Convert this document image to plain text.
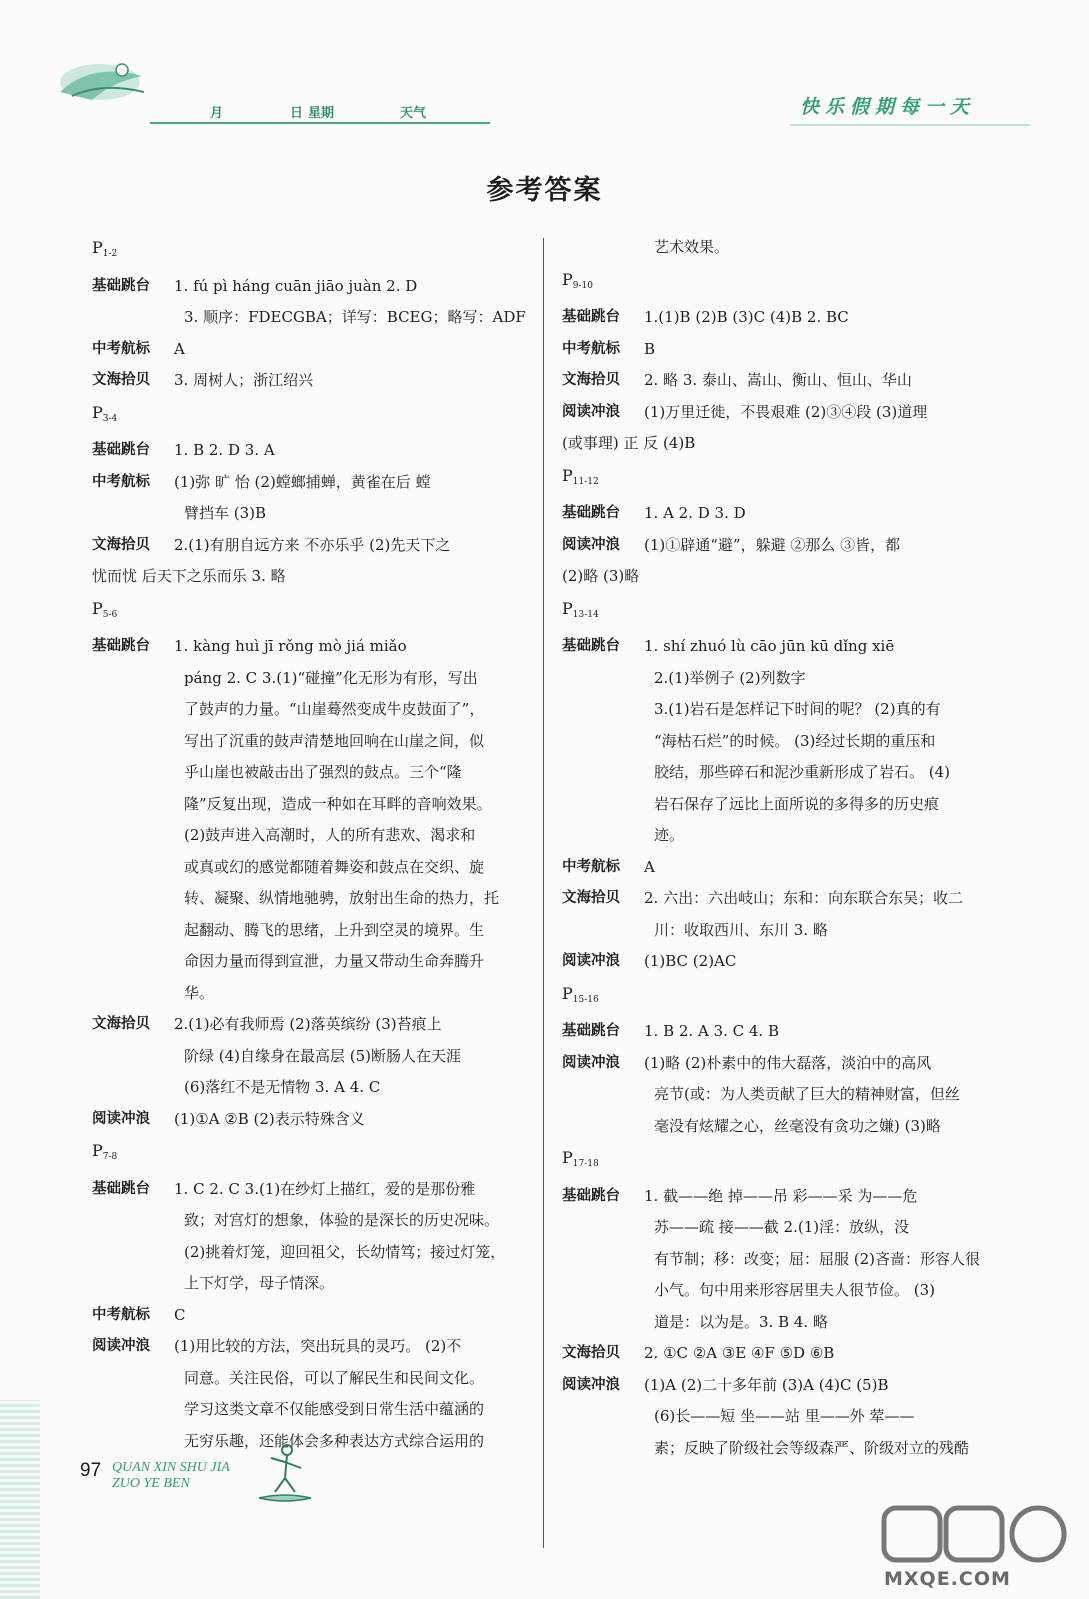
月	日 星期	天气	快乐假期每一天
参考答案
$P_{1-2}$
基础跳台	1. fú pì háng cuān jiāo juàn 2. D
3. 顺序：FDECGBA；详写：BCEG；略写：ADF
中考航标	A
文海拾贝	3. 周树人；浙江绍兴
$P_{3-4}$
基础跳台	1. B 2. D 3. A
中考航标	(1)弥 旷 怡 (2)螳螂捕蝉，黄雀在后 螳
臂挡车 (3)B
文海拾贝	2.(1)有朋自远方来 不亦乐乎 (2)先天下之
忧而忧 后天下之乐而乐 3. 略
$P_{5-6}$
基础跳台	1. kàng huì jī rǒng mò jiá miǎo
páng 2. C 3.(1)“碰撞”化无形为有形，写出
了鼓声的力量。“山崖蓦然变成牛皮鼓面了”，
写出了沉重的鼓声清楚地回响在山崖之间，似
乎山崖也被敲击出了强烈的鼓点。三个“隆
隆”反复出现，造成一种如在耳畔的音响效果。
(2)鼓声进入高潮时，人的所有悲欢、渴求和
或真或幻的感觉都随着舞姿和鼓点在交织、旋
转、凝聚、纵情地驰骋，放射出生命的热力，托
起翻动、腾飞的思绪，上升到空灵的境界。生
命因力量而得到宣泄，力量又带动生命奔腾升
华。
文海拾贝	2.(1)必有我师焉 (2)落英缤纷 (3)苔痕上
阶绿 (4)自缘身在最高层 (5)断肠人在天涯
(6)落红不是无情物 3. A 4. C
阅读冲浪	(1)①A ②B (2)表示特殊含义
$P_{7-8}$
基础跳台	1. C 2. C 3.(1)在纱灯上描红，爱的是那份雅
致；对宫灯的想象，体验的是深长的历史况味。
(2)挑着灯笼，迎回祖父，长幼情笃；接过灯笼，
上下灯学，母子情深。
中考航标	C
阅读冲浪	(1)用比较的方法，突出玩具的灵巧。 (2)不
同意。关注民俗，可以了解民生和民间文化。
学习这类文章不仅能感受到日常生活中蕴涵的
无穷乐趣，还能体会多种表达方式综合运用的
艺术效果。
$P_{9-10}$
基础跳台	1.(1)B (2)B (3)C (4)B 2. BC
中考航标	B
文海拾贝	2. 略 3. 泰山、嵩山、衡山、恒山、华山
阅读冲浪	(1)万里迁徙，不畏艰难 (2)③④段 (3)道理
(或事理) 正 反 (4)B
$P_{11-12}$
基础跳台	1. A 2. D 3. D
阅读冲浪	(1)①辟通“避”，躲避 ②那么 ③皆，都
(2)略 (3)略
$P_{13-14}$
基础跳台	1. shí zhuó lù cāo jūn kū dǐng xiē
2.(1)举例子 (2)列数字
3.(1)岩石是怎样记下时间的呢？ (2)真的有
“海枯石烂”的时候。 (3)经过长期的重压和
胶结，那些碎石和泥沙重新形成了岩石。 (4)
岩石保存了远比上面所说的多得多的历史痕
迹。
中考航标	A
文海拾贝	2. 六出：六出岐山；东和：向东联合东吴；收二
川：收取西川、东川 3. 略
阅读冲浪	(1)BC (2)AC
$P_{15-16}$
基础跳台	1. B 2. A 3. C 4. B
阅读冲浪	(1)略 (2)朴素中的伟大磊落，淡泊中的高风
亮节(或：为人类贡献了巨大的精神财富，但丝
毫没有炫耀之心，丝毫没有贪功之嫌) (3)略
$P_{17-18}$
基础跳台	1. 截——绝 掉——吊 彩——采 为——危
苏——疏 接——截 2.(1)淫：放纵，没
有节制；移：改变；屈：屈服 (2)吝啬：形容人很
小气。句中用来形容居里夫人很节俭。 (3)
道是：以为是。3. B 4. 略
文海拾贝	2. ①C ②A ③E ④F ⑤D ⑥B
阅读冲浪	(1)A (2)二十多年前 (3)A (4)C (5)B
(6)长——短 坐——站 里——外 荤——
素；反映了阶级社会等级森严、阶级对立的残酷
97 QUAN XIN SHU JIA
ZUO YE BEN
MXQE.COM
